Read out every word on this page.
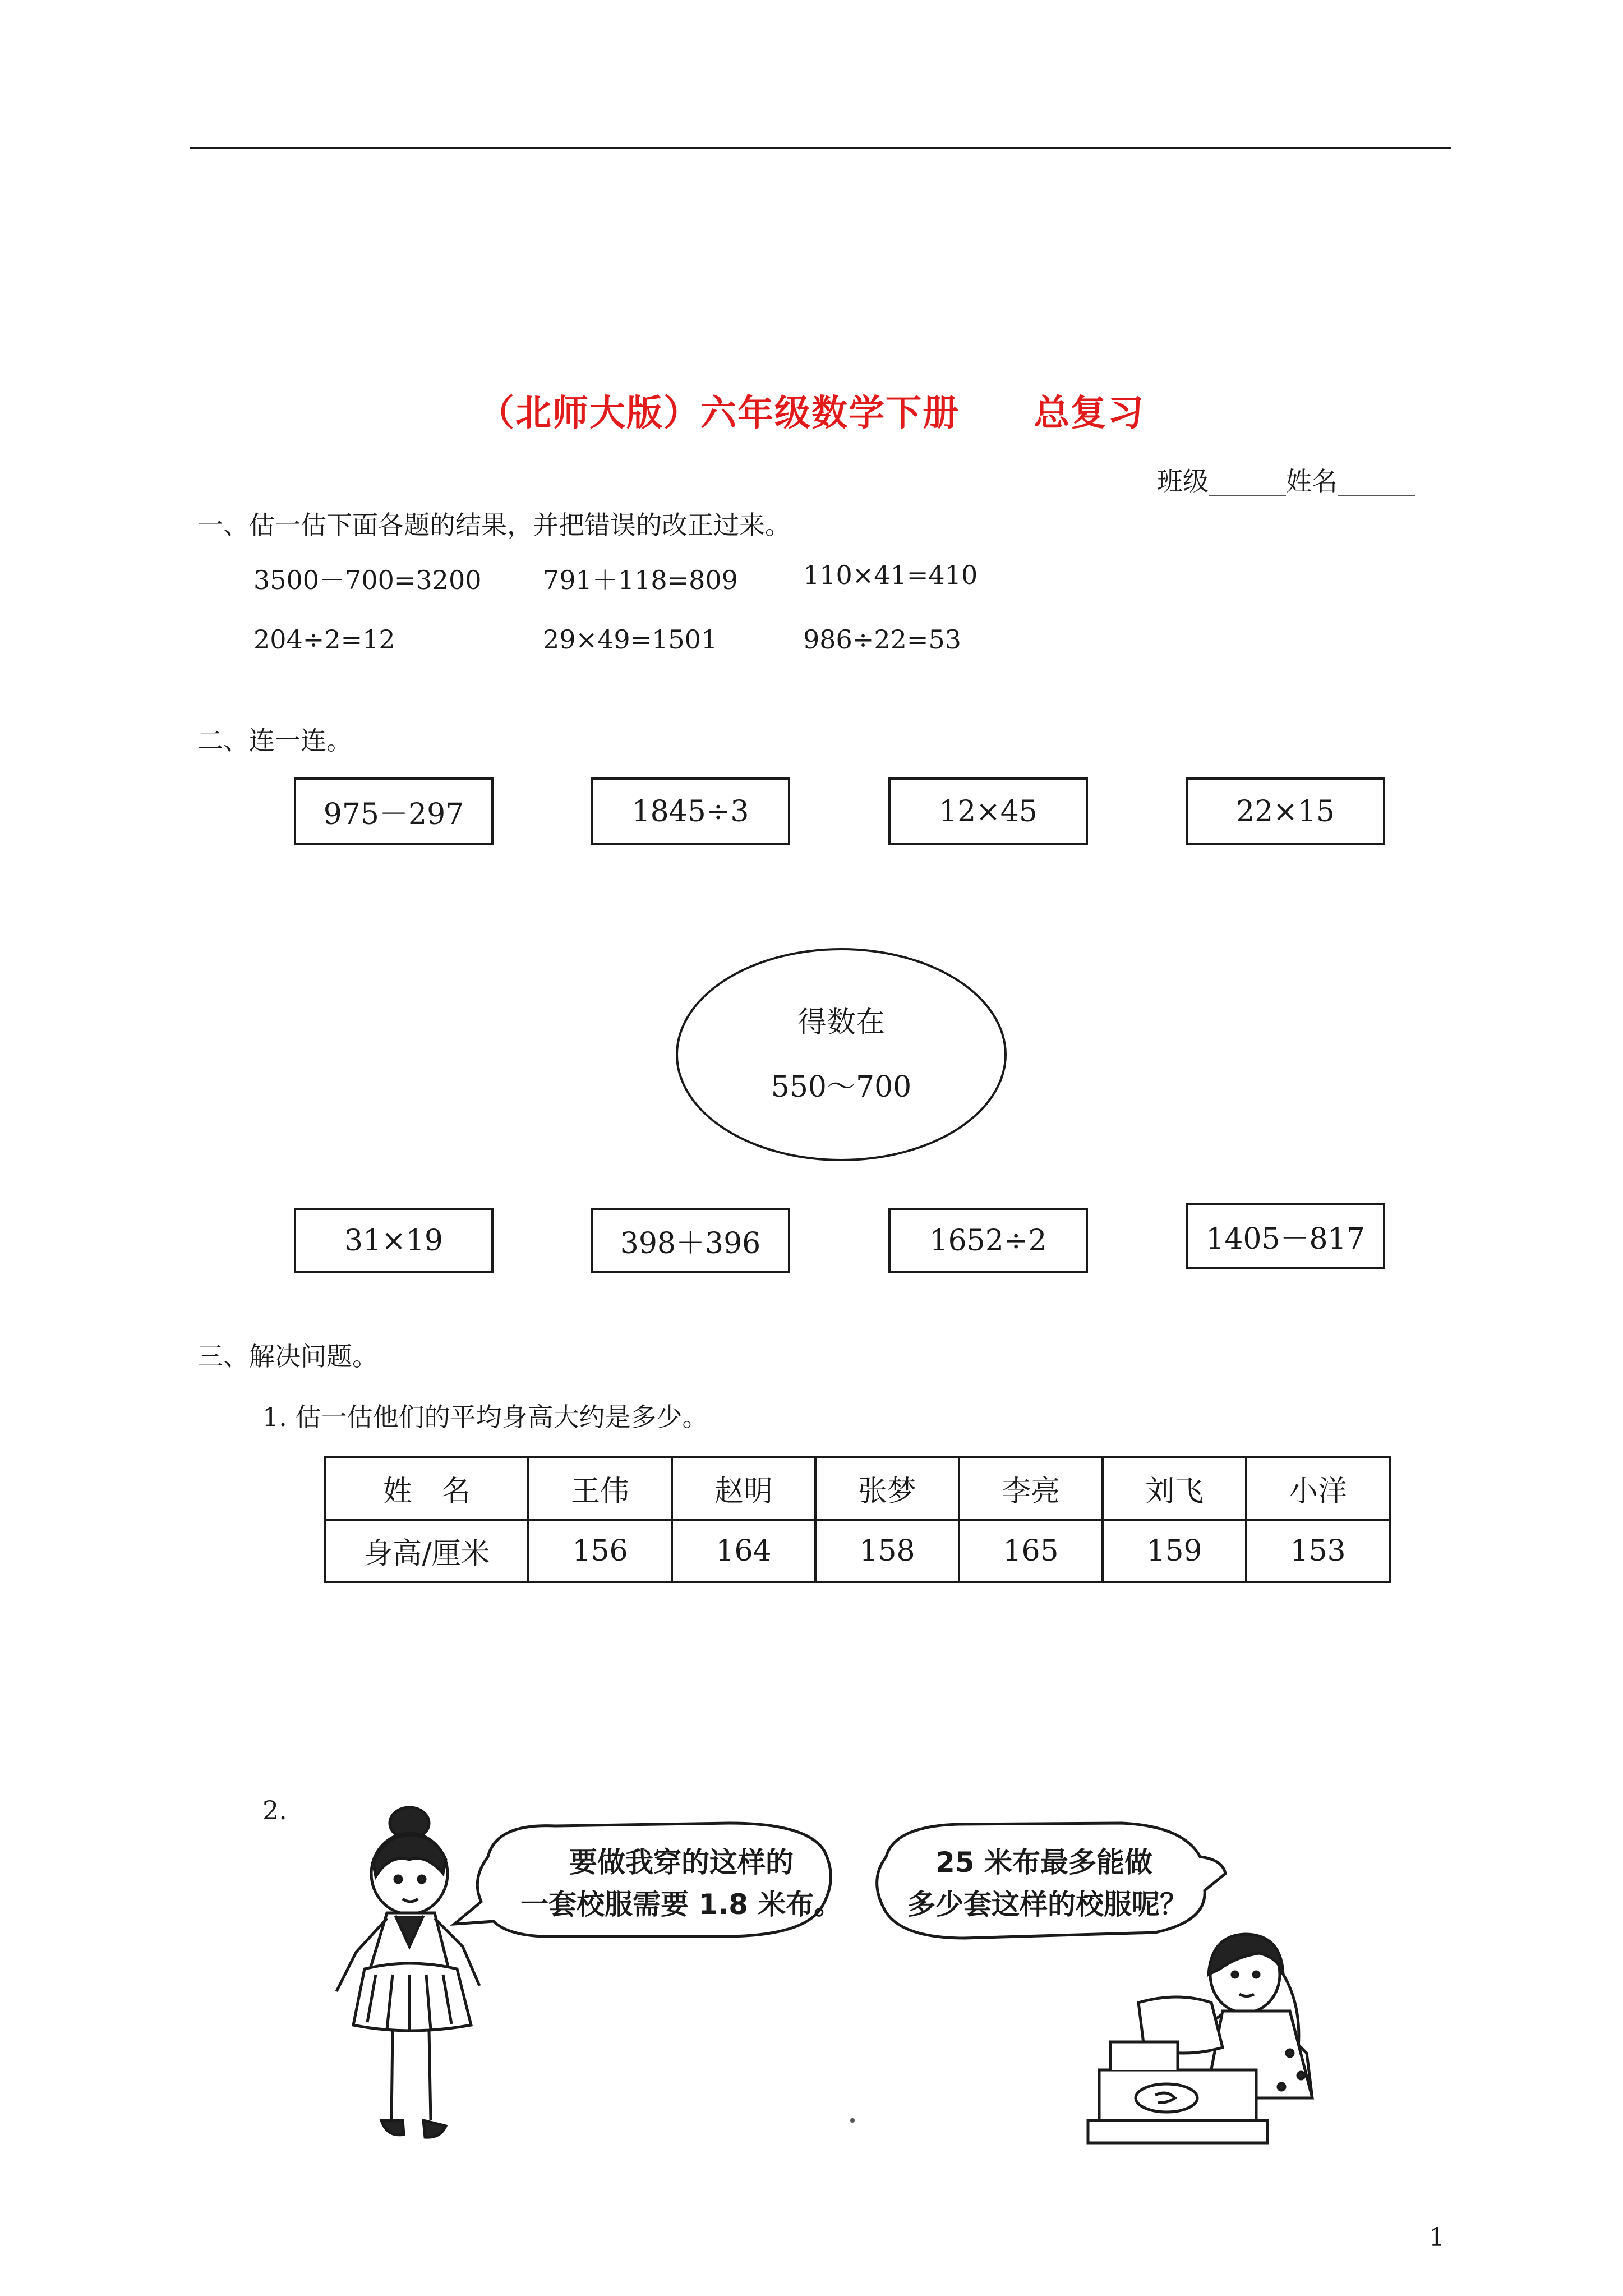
（北师大版）六年级数学下册　　总复习
班级______姓名______
一、估一估下面各题的结果，并把错误的改正过来。
3500－700=3200 791＋118=809	110×41=410
204÷2=12	29×49=1501	986÷22=53
二、连一连。
975－297	1845÷3	12×45	22×15
得数在
550～700
31×19	398＋396	1652÷2	1405－817
三、解决问题。
1. 估一估他们的平均身高大约是多少。
姓　名	王伟	赵明	张梦	李亮	刘飞	小洋
身高/厘米	156	164	158	165	159	153
2.
要做我穿的这样的
一套校服需要 1.8 米布。
25 米布最多能做
多少套这样的校服呢？
1
